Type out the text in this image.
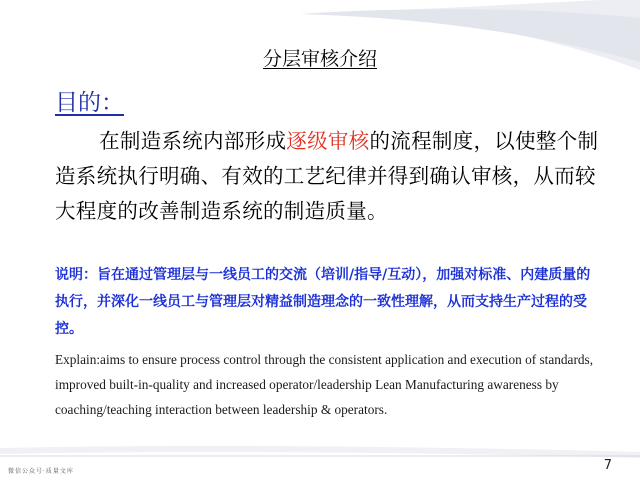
分层审核介绍
目的：
在制造系统内部形成逐级审核的流程制度，以使整个制造系统执行明确、有效的工艺纪律并得到确认审核，从而较大程度的改善制造系统的制造质量。
说明：旨在通过管理层与一线员工的交流（培训/指导/互动），加强对标准、内建质量的执行，并深化一线员工与管理层对精益制造理念的一致性理解，从而支持生产过程的受控。
Explain:aims to ensure process control through the consistent application and execution of standards, improved built-in-quality and increased operator/leadership Lean Manufacturing awareness by coaching/teaching interaction between leadership & operators.
微信公众号·质量文库	7
